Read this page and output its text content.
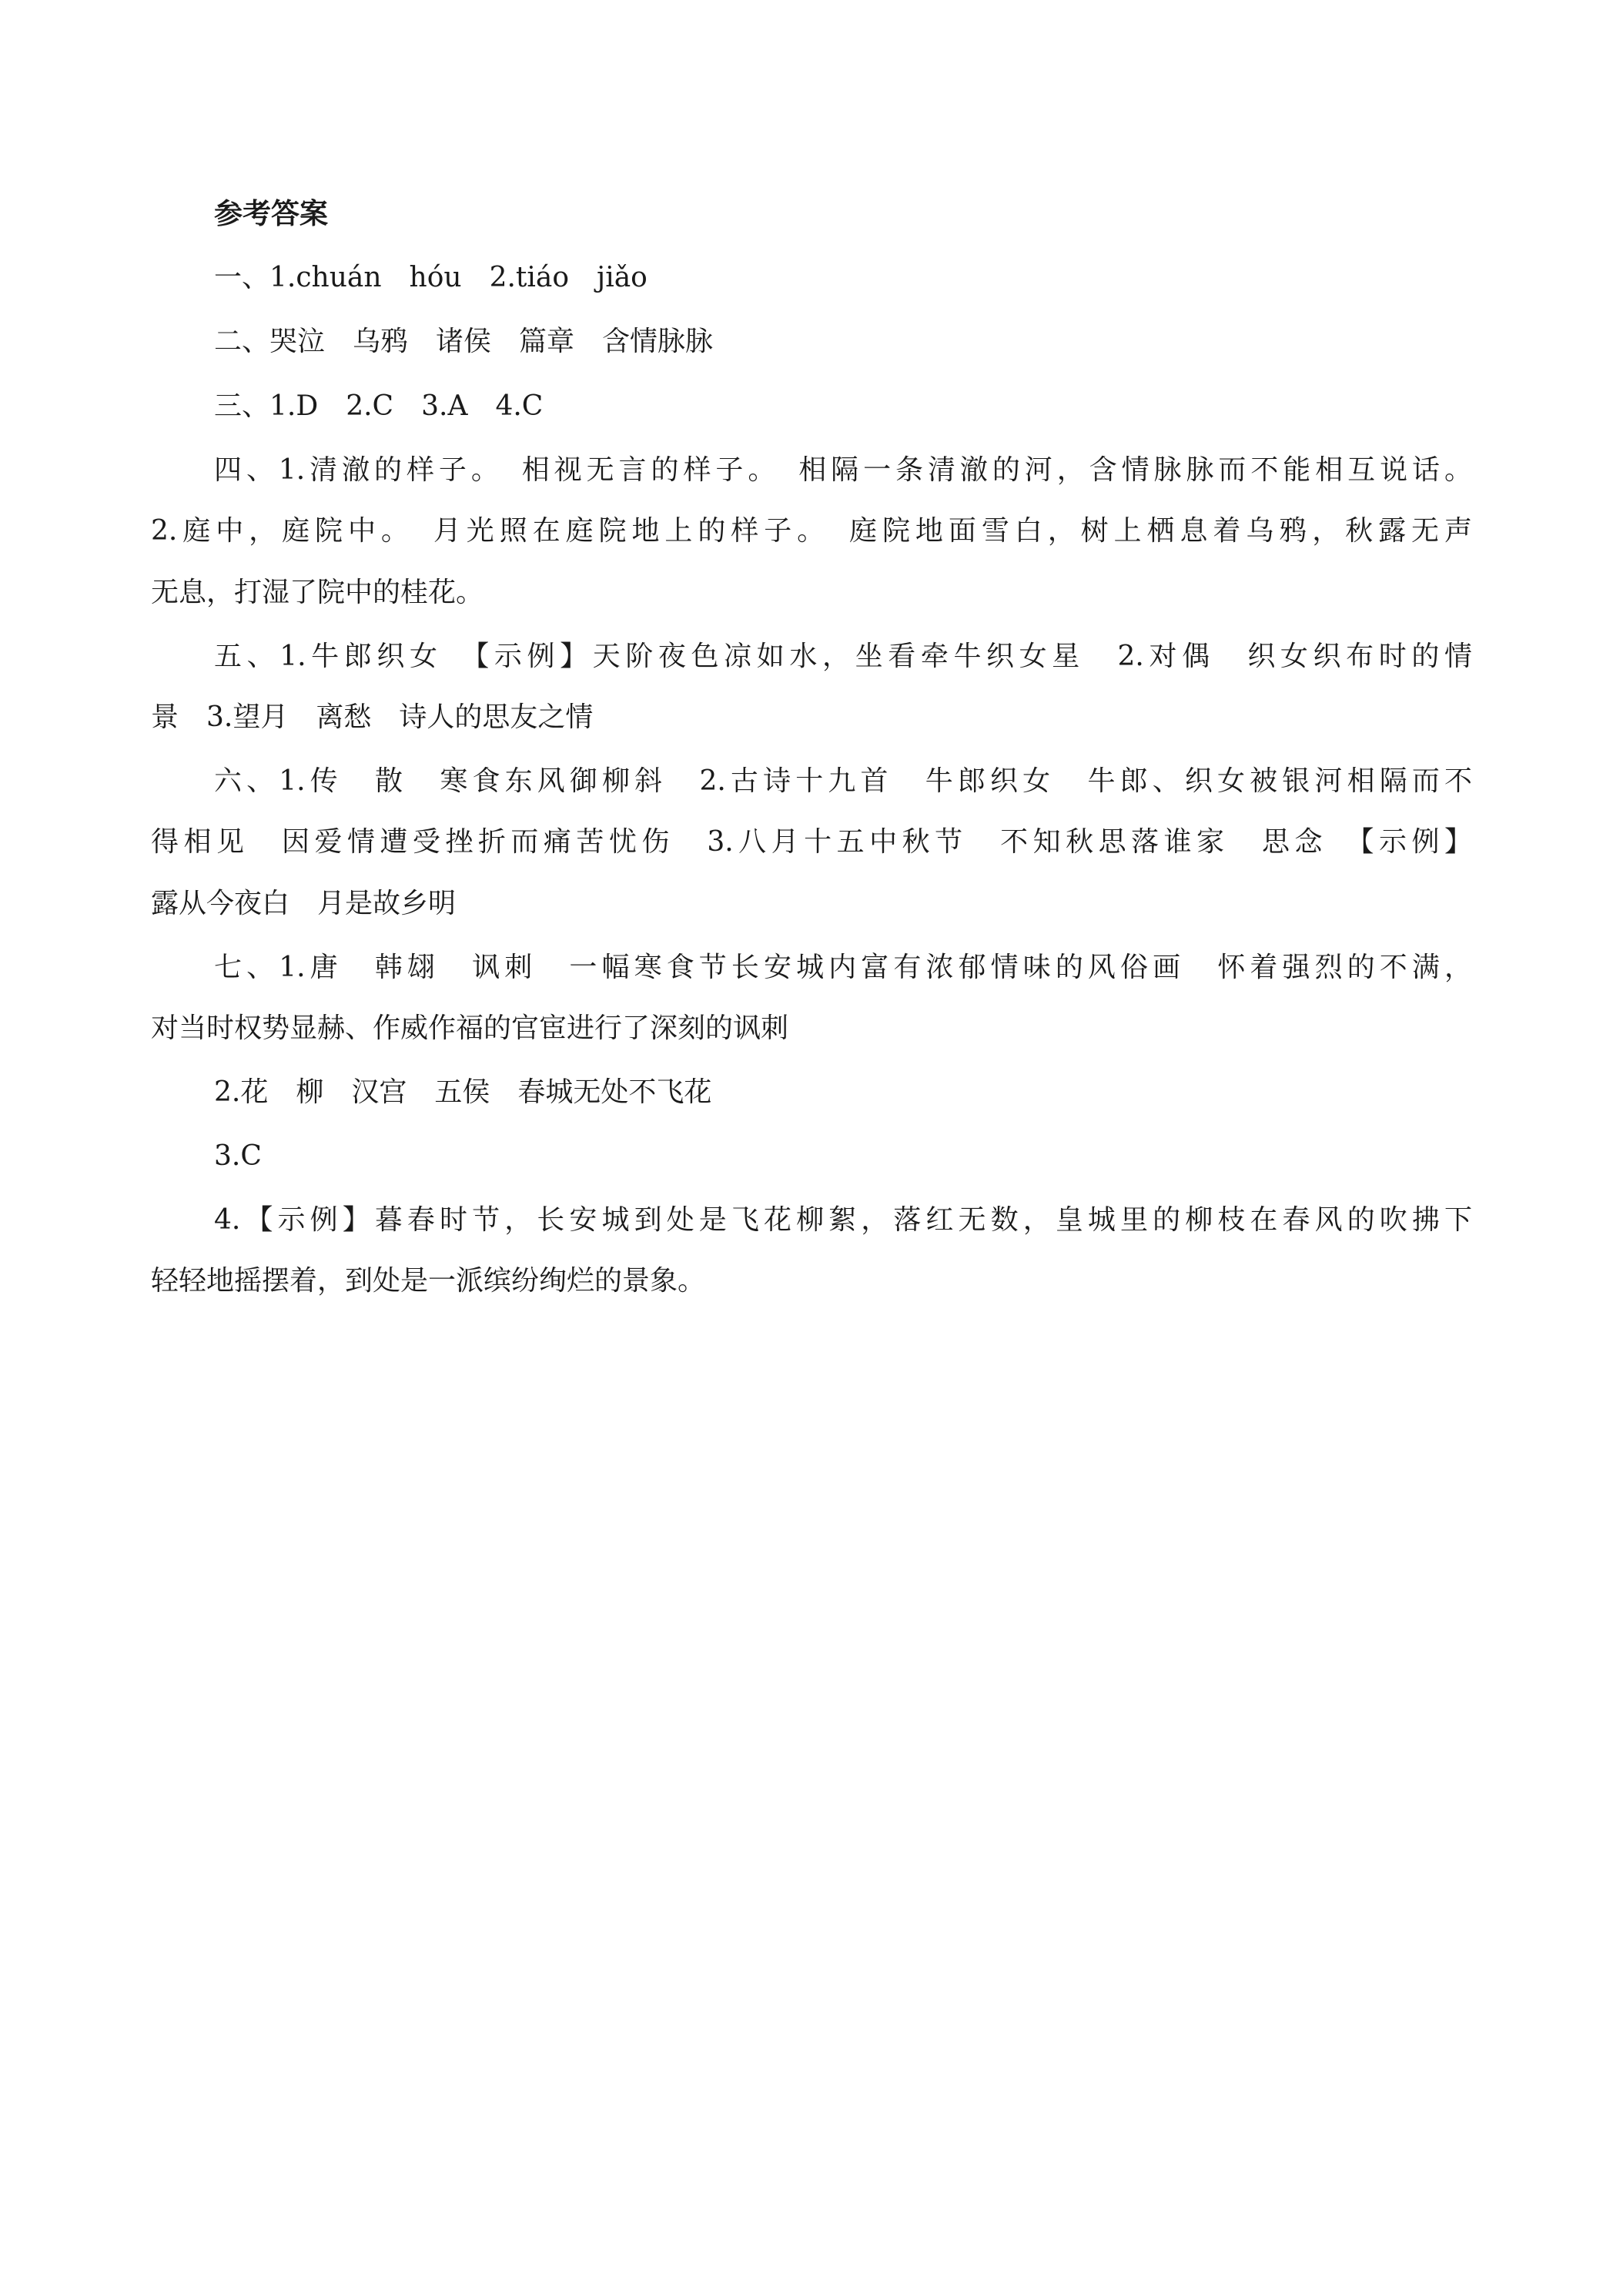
参考答案

一、1.chuán　hóu　2.tiáo　jiǎo

二、哭泣　乌鸦　诸侯　篇章　含情脉脉

三、1.D　2.C　3.A　4.C

四、1.清澈的样子。　相视无言的样子。　相隔一条清澈的河，含情脉脉而不能相互说话。

2.庭中，庭院中。　月光照在庭院地上的样子。　庭院地面雪白，树上栖息着乌鸦，秋露无声

无息，打湿了院中的桂花。

五、1.牛郎织女　【示例】天阶夜色凉如水，坐看牵牛织女星　2.对偶　织女织布时的情

景　3.望月　离愁　诗人的思友之情

六、1.传　散　寒食东风御柳斜　2.古诗十九首　牛郎织女　牛郎、织女被银河相隔而不

得相见　因爱情遭受挫折而痛苦忧伤　3.八月十五中秋节　不知秋思落谁家　思念　【示例】

露从今夜白　月是故乡明

七、1.唐　韩翃　讽刺　一幅寒食节长安城内富有浓郁情味的风俗画　怀着强烈的不满，

对当时权势显赫、作威作福的官宦进行了深刻的讽刺

2.花　柳　汉宫　五侯　春城无处不飞花

3.C

4.【示例】暮春时节，长安城到处是飞花柳絮，落红无数，皇城里的柳枝在春风的吹拂下

轻轻地摇摆着，到处是一派缤纷绚烂的景象。
